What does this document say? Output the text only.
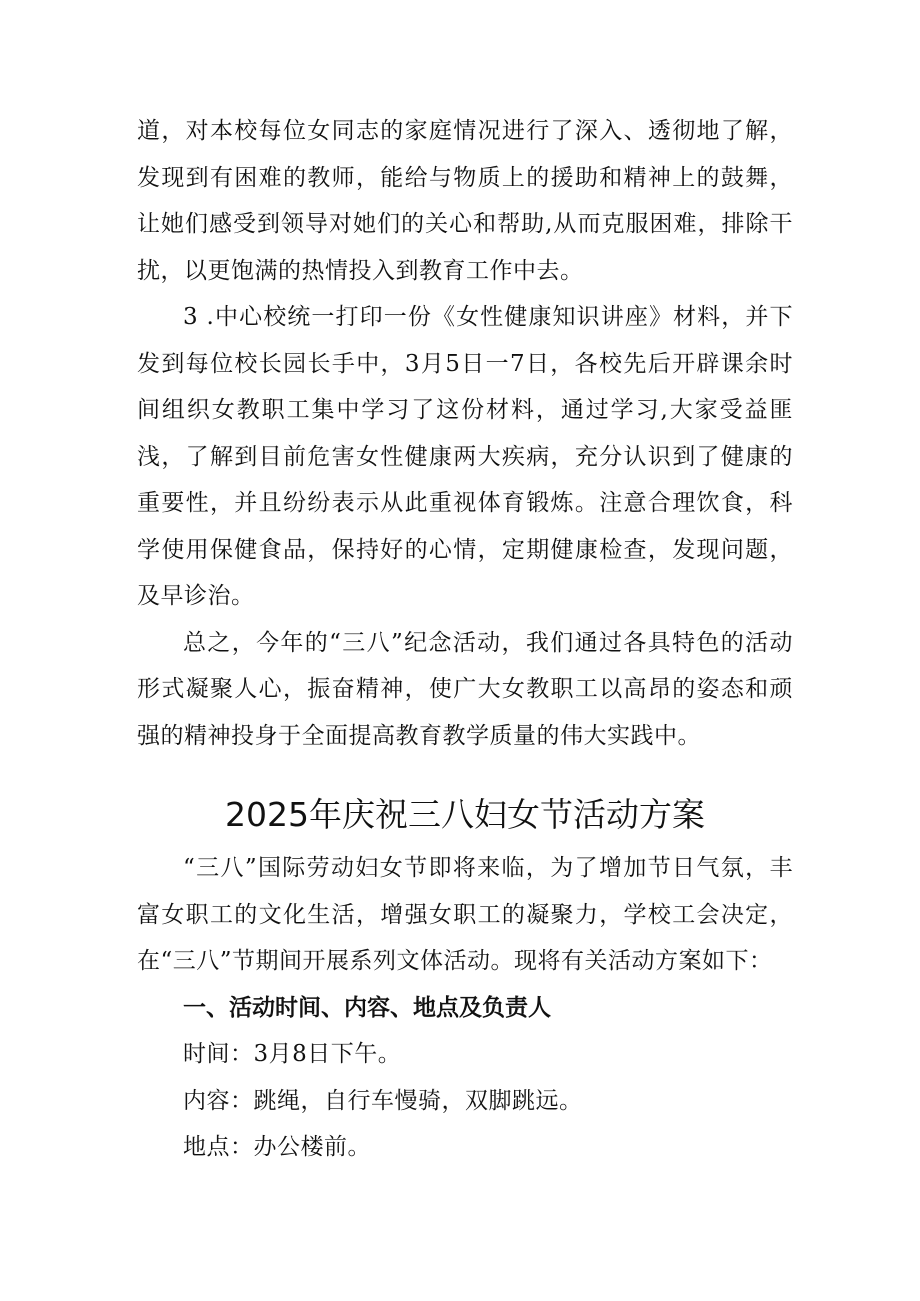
道，对本校每位女同志的家庭情况进行了深入、透彻地了解，发现到有困难的教师，能给与物质上的援助和精神上的鼓舞，让她们感受到领导对她们的关心和帮助,从而克服困难，排除干扰，以更饱满的热情投入到教育工作中去。

3 .中心校统一打印一份《女性健康知识讲座》材料，并下发到每位校长园长手中，3月5日一7日，各校先后开辟课余时间组织女教职工集中学习了这份材料，通过学习,大家受益匪浅，了解到目前危害女性健康两大疾病，充分认识到了健康的重要性，并且纷纷表示从此重视体育锻炼。注意合理饮食，科学使用保健食品，保持好的心情，定期健康检查，发现问题，及早诊治。

总之，今年的“三八”纪念活动，我们通过各具特色的活动形式凝聚人心，振奋精神，使广大女教职工以高昂的姿态和顽强的精神投身于全面提高教育教学质量的伟大实践中。

2025年庆祝三八妇女节活动方案

“三八”国际劳动妇女节即将来临，为了增加节日气氛，丰富女职工的文化生活，增强女职工的凝聚力，学校工会决定，在“三八”节期间开展系列文体活动。现将有关活动方案如下：

一、活动时间、内容、地点及负责人

时间：3月8日下午。

内容：跳绳，自行车慢骑，双脚跳远。

地点：办公楼前。
